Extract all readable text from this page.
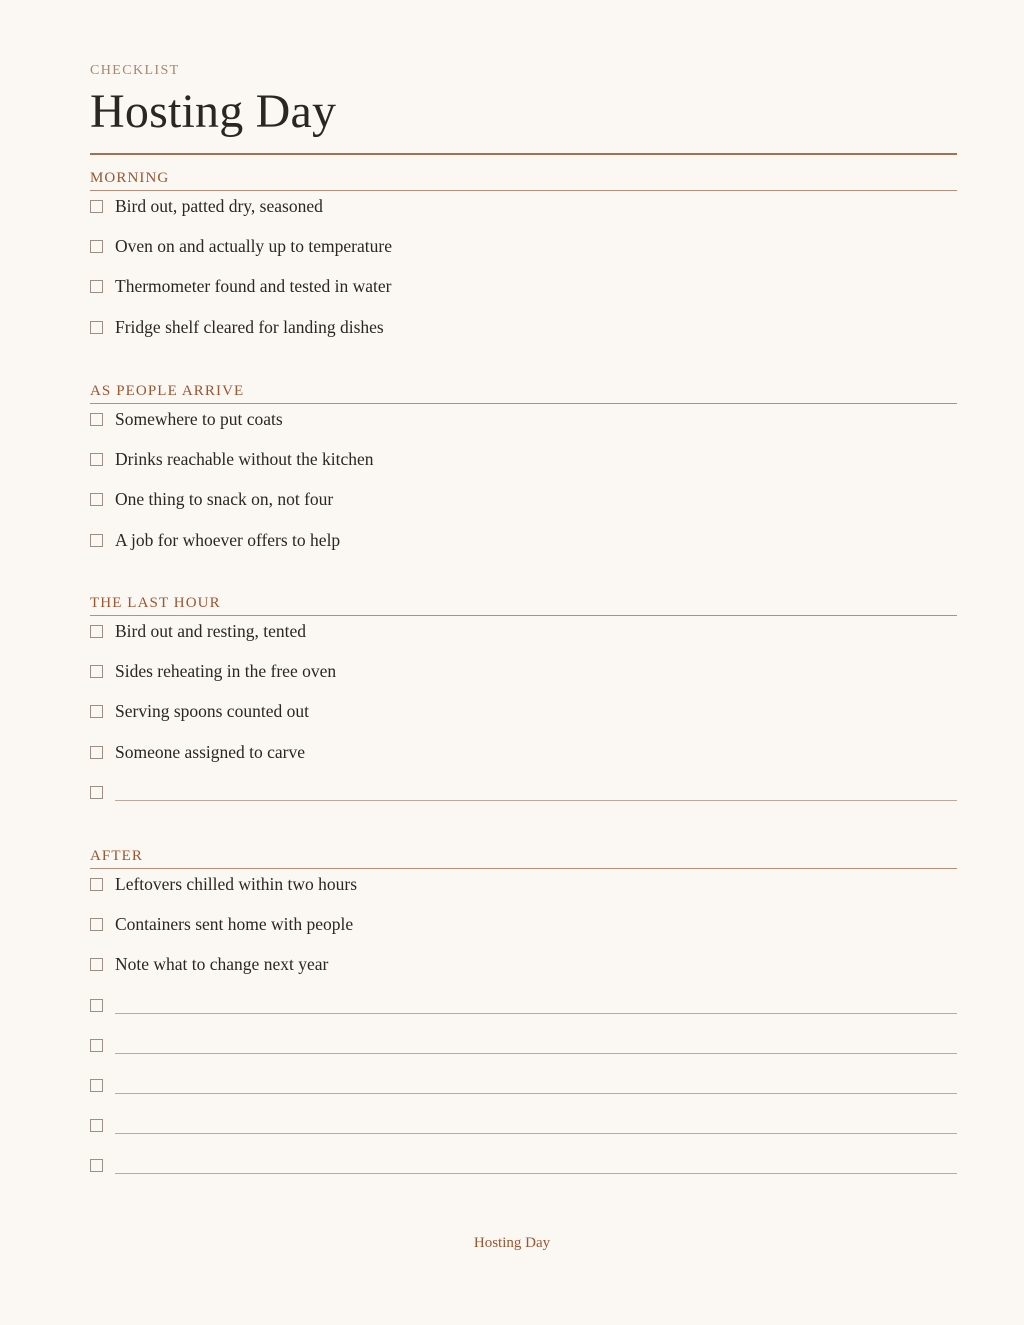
CHECKLIST
Hosting Day
MORNING
Bird out, patted dry, seasoned
Oven on and actually up to temperature
Thermometer found and tested in water
Fridge shelf cleared for landing dishes
AS PEOPLE ARRIVE
Somewhere to put coats
Drinks reachable without the kitchen
One thing to snack on, not four
A job for whoever offers to help
THE LAST HOUR
Bird out and resting, tented
Sides reheating in the free oven
Serving spoons counted out
Someone assigned to carve
AFTER
Leftovers chilled within two hours
Containers sent home with people
Note what to change next year
Hosting Day
